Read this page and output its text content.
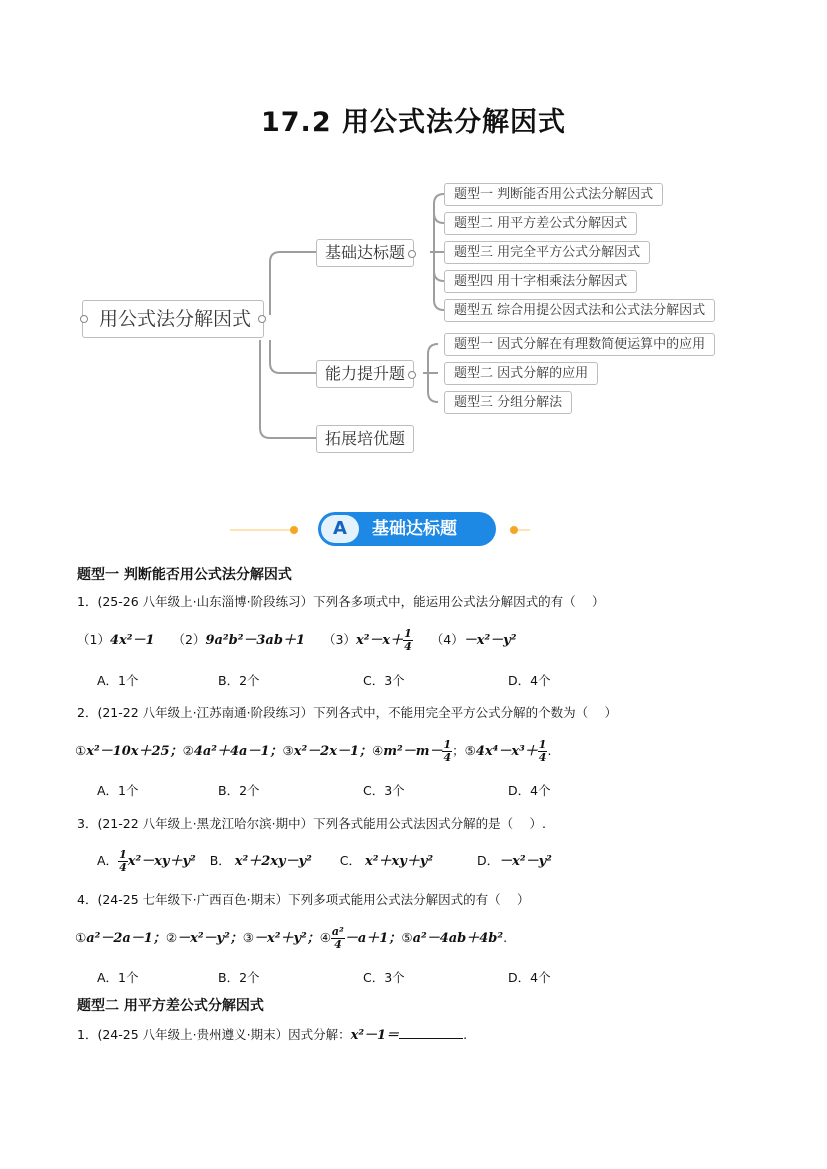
17.2 用公式法分解因式
用公式法分解因式
基础达标题
能力提升题
拓展培优题
题型一 判断能否用公式法分解因式
题型二 用平方差公式分解因式
题型三 用完全平方公式分解因式
题型四 用十字相乘法分解因式
题型五 综合用提公因式法和公式法分解因式
题型一 因式分解在有理数简便运算中的应用
题型二 因式分解的应用
题型三 分组分解法
A	基础达标题
题型一 判断能否用公式法分解因式
1．(25-26 八年级上·山东淄博·阶段练习）下列各多项式中，能运用公式法分解因式的有（　 ）
（1）4x²－1 （2）9a²b²－3ab＋1 $(3)x^2-x+ \frac{1}{4} (4)-x^2-y^2$
A．1个	B．2个	C．3个	D．4个
2．(21-22 八年级上·江苏南通·阶段练习）下列各式中，不能用完全平方公式分解的个数为（　 ）
①x²－10x＋25；②4a²＋4a－1；③x²－2x－1；④m²－m－ $\frac{1}{4}$ ；⑤4x⁴－x³＋ $\frac{1}{4}$ .
A．1个	B．2个	C．3个	D．4个
3．(21-22 八年级上·黑龙江哈尔滨·期中）下列各式能用公式法因式分解的是（　 ）.
A． $\frac{1}{4} x^2-xy+y^2$ B． x²＋2xy－y² C． x²＋xy＋y²	D．－x²－y²
4．(24-25 七年级下·广西百色·期末）下列多项式能用公式法分解因式的有（　 ）
①a²－2a－1；②－x²－y²；③－x²＋y²；④ $\frac{\text{a²}}{4} -a+1$；⑤a²－4ab＋4b².
A．1个	B．2个	C．3个	D．4个
题型二 用平方差公式分解因式
1．(24-25 八年级上·贵州遵义·期末）因式分解：x²－1＝	.
